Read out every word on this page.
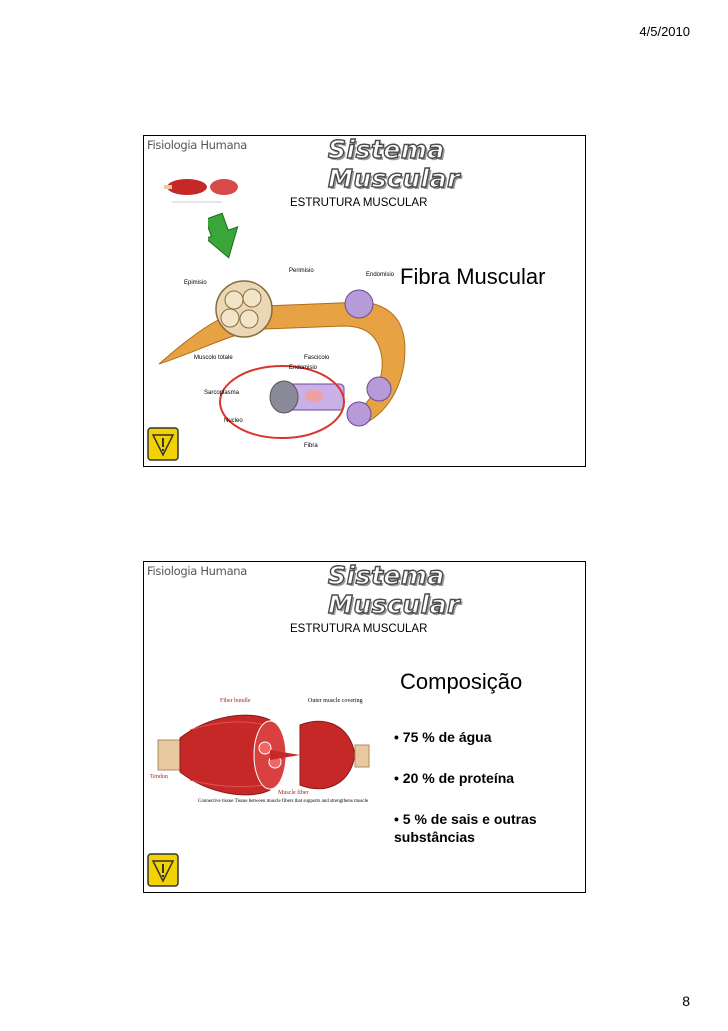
4/5/2010
Fisiologia Humana	Sistema Muscular
ESTRUTURA MUSCULAR
Fibra Muscular
Epimisio
Perimisio
Endomisio
Muscolo totale	Fascicolo
Endomisio
Sarcoplasma
Nucleo
Fibra
Fisiologia Humana	Sistema Muscular
ESTRUTURA MUSCULAR
Composição
Fiber bundle	Outer muscle covering
Tendon
Connective tissue Tissue between muscle fibers that supports and strengthens muscle
Muscle fiber
• 75 % de água
• 20 % de proteína
• 5 % de sais e outras substâncias
8
